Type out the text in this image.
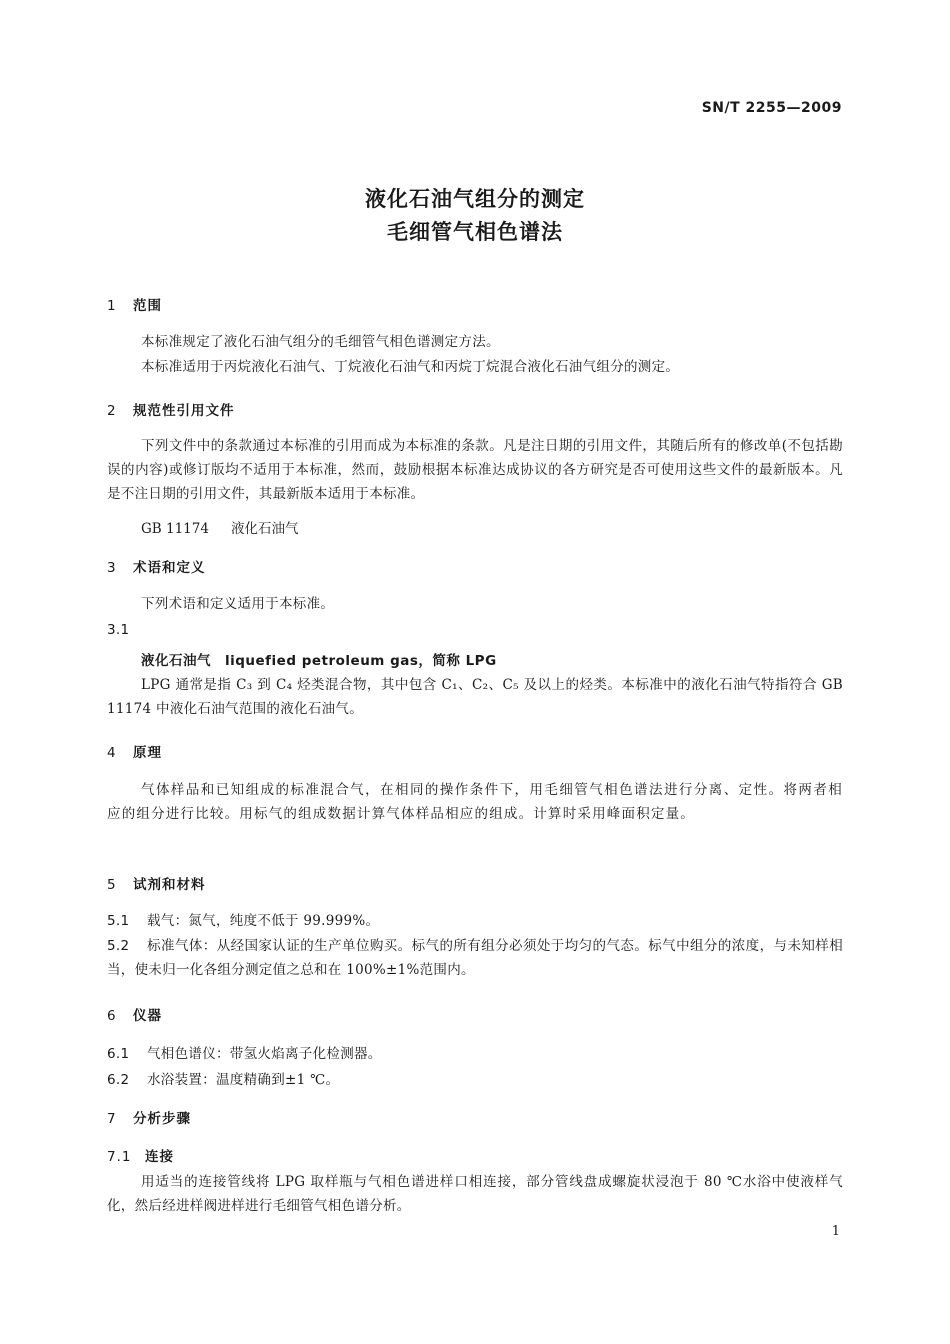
SN/T 2255—2009
液化石油气组分的测定
毛细管气相色谱法
1 范围
本标准规定了液化石油气组分的毛细管气相色谱测定方法。
本标准适用于丙烷液化石油气、丁烷液化石油气和丙烷丁烷混合液化石油气组分的测定。
2 规范性引用文件
下列文件中的条款通过本标准的引用而成为本标准的条款。凡是注日期的引用文件，其随后所有的修改单(不包括勘误的内容)或修订版均不适用于本标准，然而，鼓励根据本标准达成协议的各方研究是否可使用这些文件的最新版本。凡是不注日期的引用文件，其最新版本适用于本标准。
GB 11174 液化石油气
3 术语和定义
下列术语和定义适用于本标准。
3.1
液化石油气　liquefied petroleum gas，简称 LPG
LPG 通常是指 C₃ 到 C₄ 烃类混合物，其中包含 C₁、C₂、C₅ 及以上的烃类。本标准中的液化石油气特指符合 GB 11174 中液化石油气范围的液化石油气。
4 原理
气体样品和已知组成的标准混合气，在相同的操作条件下，用毛细管气相色谱法进行分离、定性。将两者相应的组分进行比较。用标气的组成数据计算气体样品相应的组成。计算时采用峰面积定量。
5 试剂和材料
5.1 载气：氮气，纯度不低于 99.999%。
5.2 标准气体：从经国家认证的生产单位购买。标气的所有组分必须处于均匀的气态。标气中组分的浓度，与未知样相当，使未归一化各组分测定值之总和在 100%±1%范围内。
6 仪器
6.1 气相色谱仪：带氢火焰离子化检测器。
6.2 水浴装置：温度精确到±1 ℃。
7 分析步骤
7.1 连接
用适当的连接管线将 LPG 取样瓶与气相色谱进样口相连接，部分管线盘成螺旋状浸泡于 80 ℃水浴中使液样气化，然后经进样阀进样进行毛细管气相色谱分析。
1
